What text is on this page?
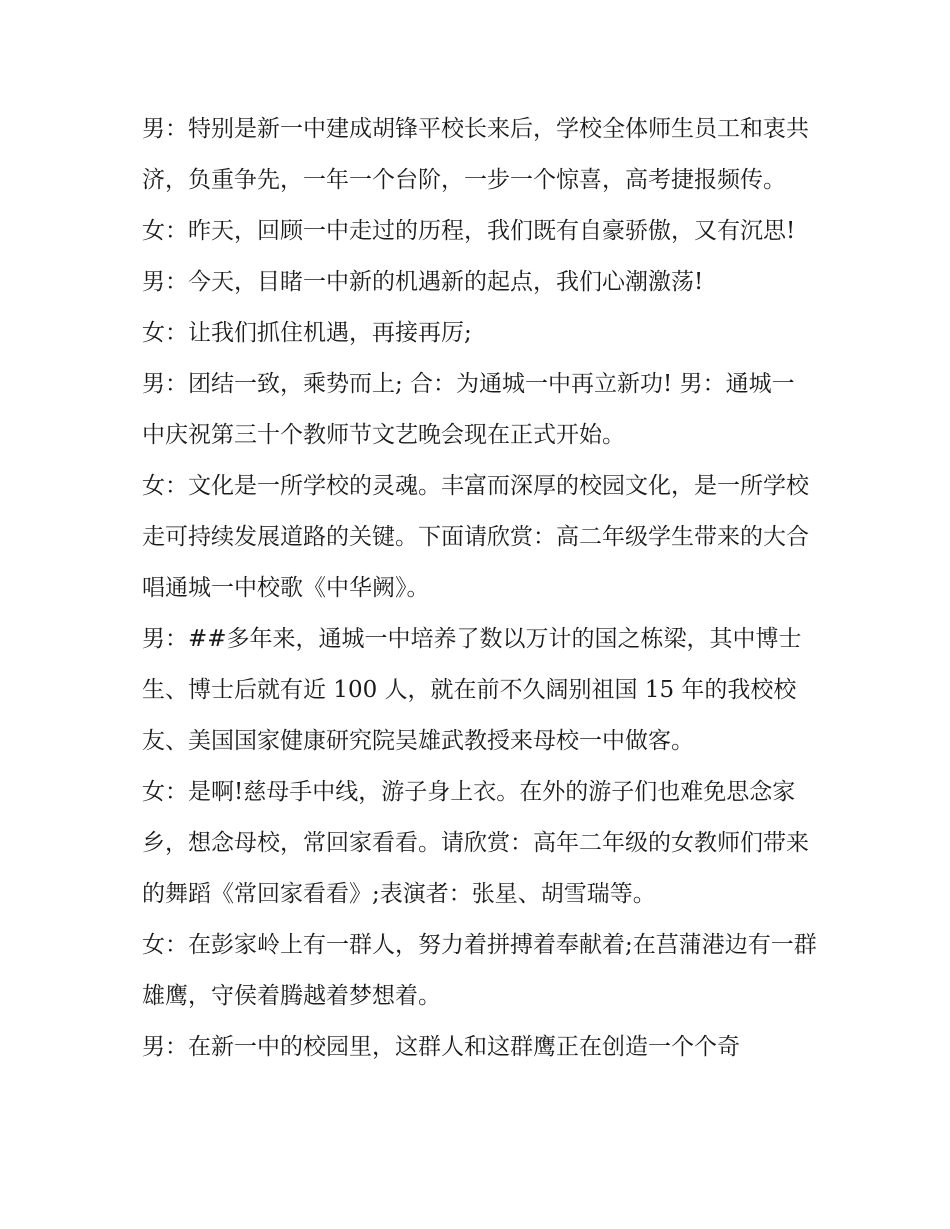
男：特别是新一中建成胡锋平校长来后，学校全体师生员工和衷共济，负重争先，一年一个台阶，一步一个惊喜，高考捷报频传。

女：昨天，回顾一中走过的历程，我们既有自豪骄傲，又有沉思! 男：今天，目睹一中新的机遇新的起点，我们心潮激荡!

女：让我们抓住机遇，再接再厉;

男：团结一致，乘势而上; 合：为通城一中再立新功! 男：通城一中庆祝第三十个教师节文艺晚会现在正式开始。

女：文化是一所学校的灵魂。丰富而深厚的校园文化，是一所学校走可持续发展道路的关键。下面请欣赏：高二年级学生带来的大合唱通城一中校歌《中华阙》。

男：##多年来，通城一中培养了数以万计的国之栋梁，其中博士生、博士后就有近 100 人，就在前不久阔别祖国 15 年的我校校友、美国国家健康研究院吴雄武教授来母校一中做客。

女：是啊!慈母手中线，游子身上衣。在外的游子们也难免思念家乡，想念母校，常回家看看。请欣赏：高年二年级的女教师们带来的舞蹈《常回家看看》;表演者：张星、胡雪瑞等。

女：在彭家岭上有一群人，努力着拼搏着奉献着;在莒蒲港边有一群雄鹰，守侯着腾越着梦想着。

男：在新一中的校园里，这群人和这群鹰正在创造一个个奇
